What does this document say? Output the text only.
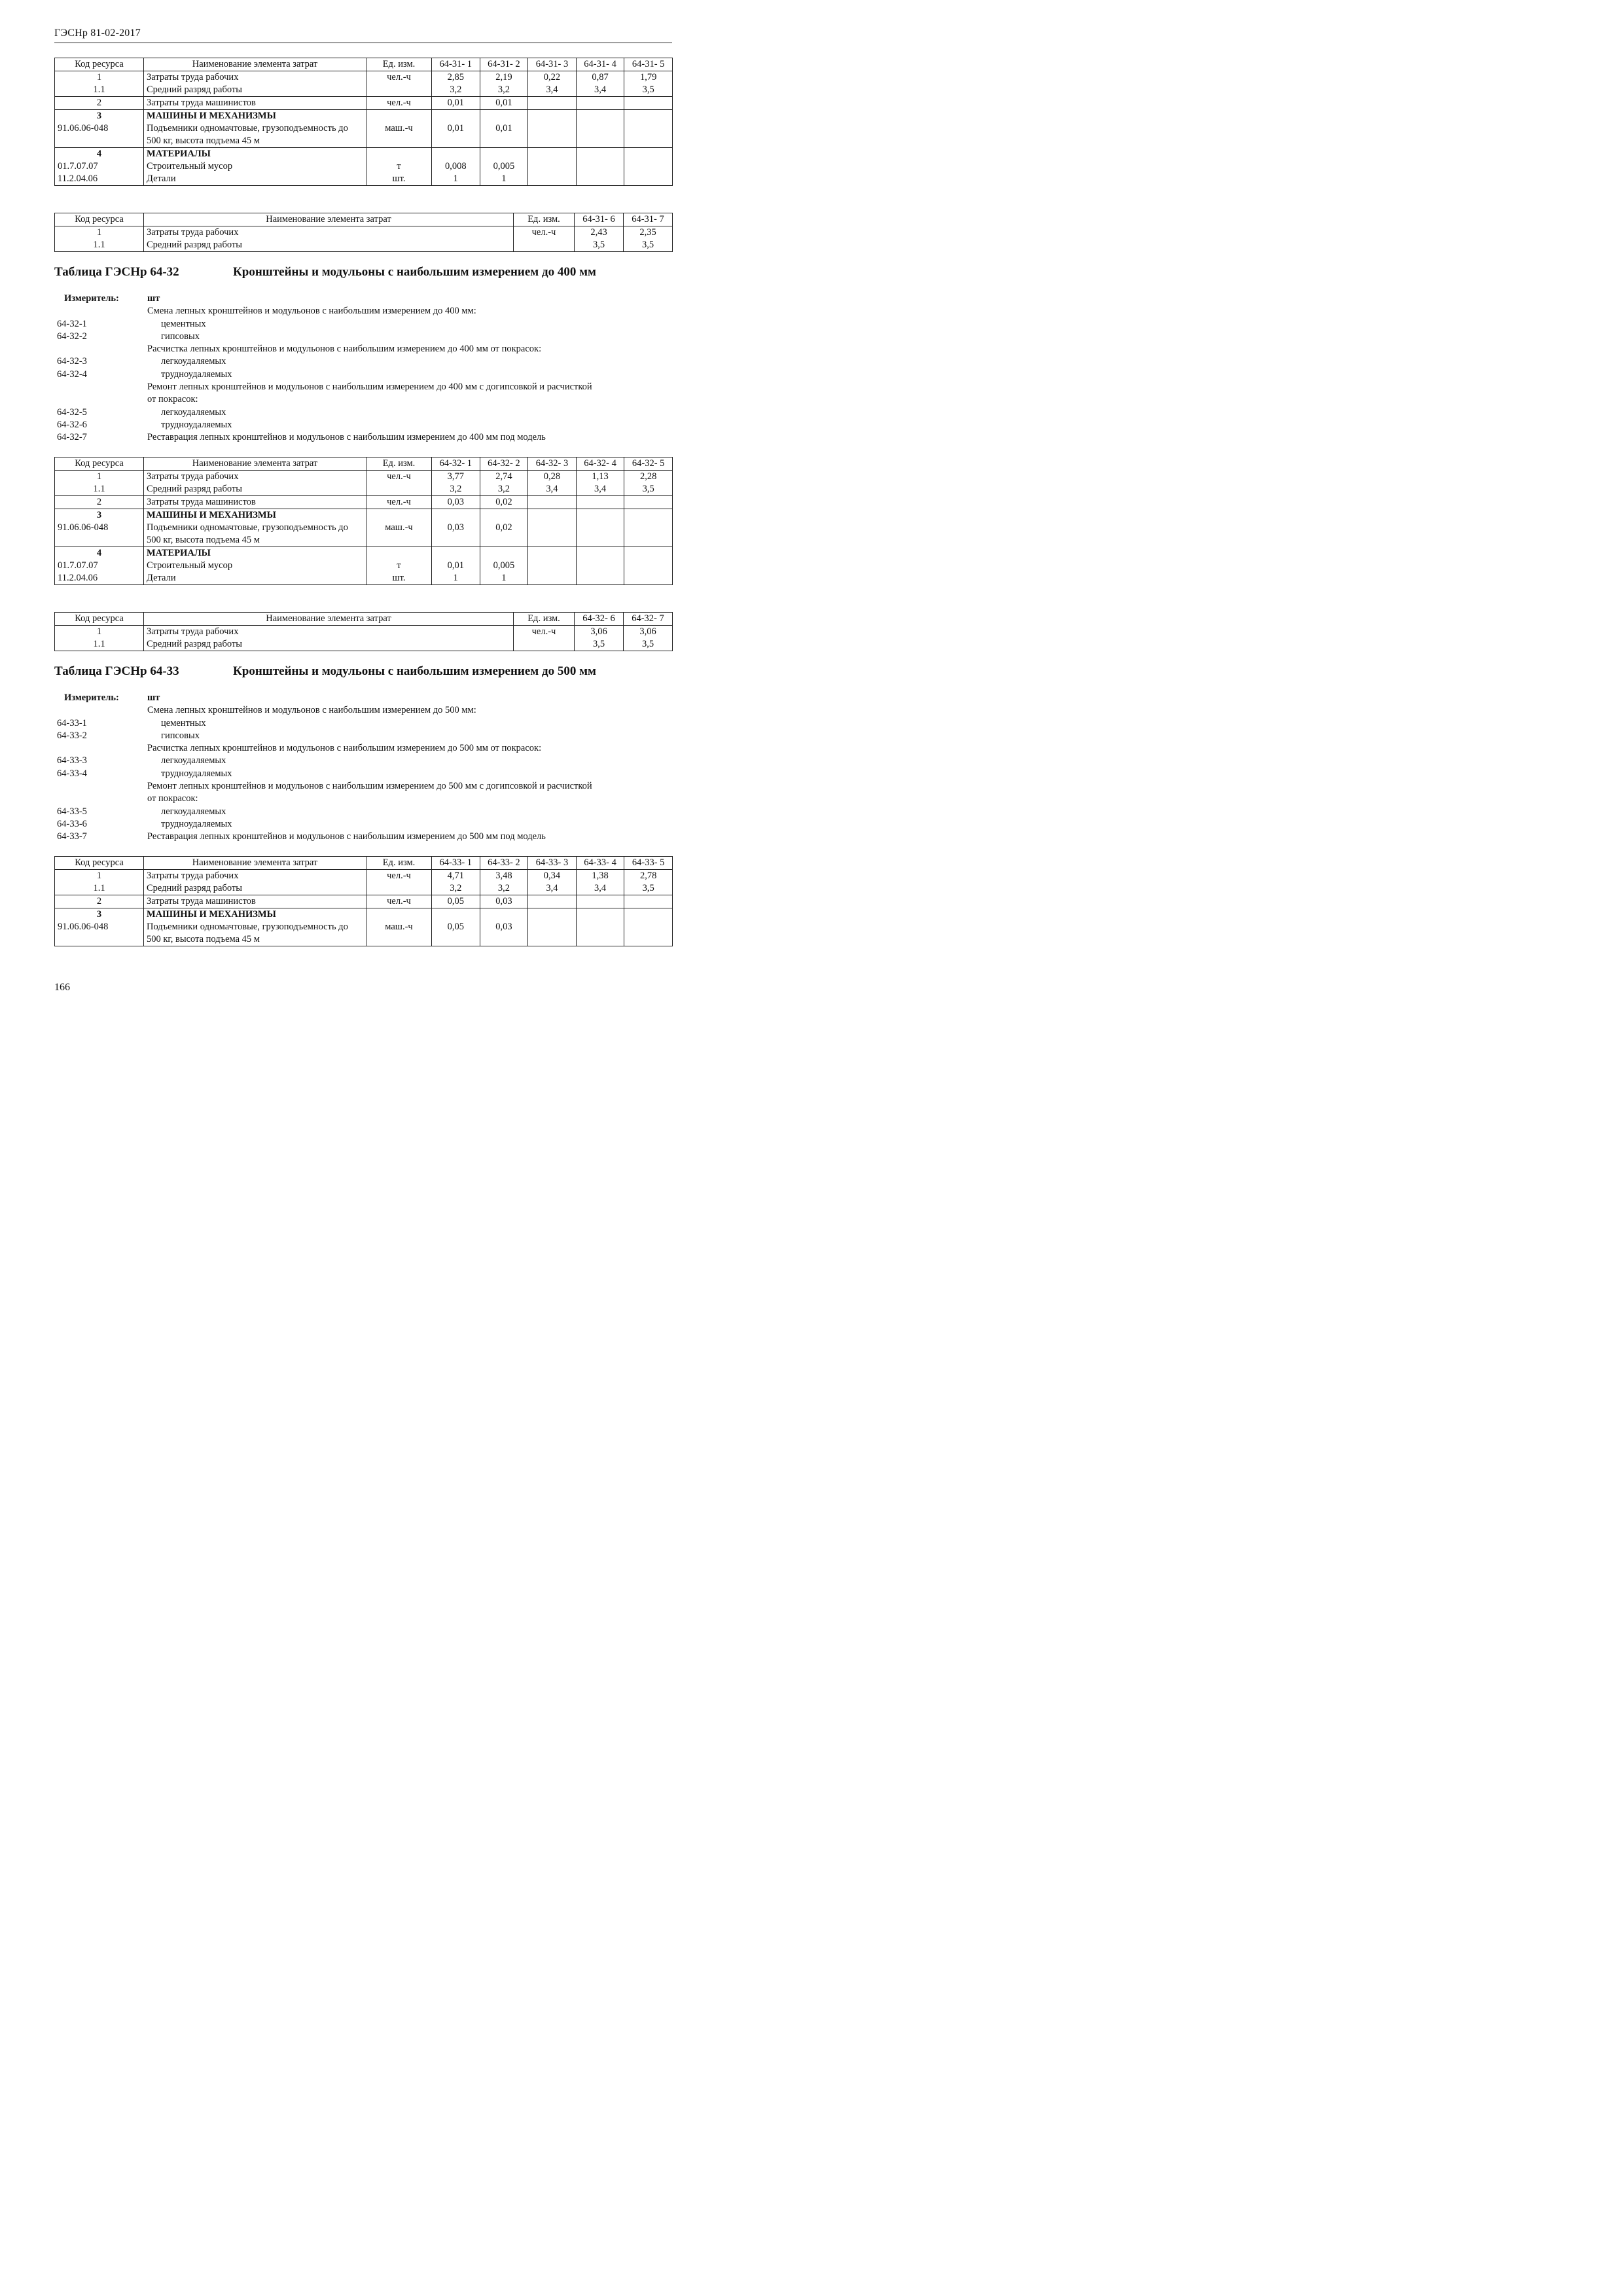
ГЭСНр 81-02-2017
Код ресурса	Наименование элемента затрат	Ед. изм.	64-31- 1	64-31- 2	64-31- 3	64-31- 4	64-31- 5
1	Затраты труда рабочих	чел.-ч	2,85	2,19	0,22	0,87	1,79
1.1	Средний разряд работы		3,2	3,2	3,4	3,4	3,5
2	Затраты труда машинистов	чел.-ч	0,01	0,01			
3	МАШИНЫ И МЕХАНИЗМЫ						
91.06.06-048	Подъемники одномачтовые, грузоподъемность до 500 кг, высота подъема 45 м	маш.-ч	0,01	0,01			
4	МАТЕРИАЛЫ						
01.7.07.07	Строительный мусор	т	0,008	0,005			
11.2.04.06	Детали	шт.	1	1			
Код ресурса	Наименование элемента затрат	Ед. изм.	64-31- 6	64-31- 7
1	Затраты труда рабочих	чел.-ч	2,43	2,35
1.1	Средний разряд работы		3,5	3,5
Таблица ГЭСНр 64-32	Кронштейны и модульоны с наибольшим измерением до 400 мм
Измеритель:	шт
Смена лепных кронштейнов и модульонов с наибольшим измерением до 400 мм:
64-32-1	цементных
64-32-2	гипсовых
Расчистка лепных кронштейнов и модульонов с наибольшим измерением до 400 мм от покрасок:
64-32-3	легкоудаляемых
64-32-4	трудноудаляемых
Ремонт лепных кронштейнов и модульонов с наибольшим измерением до 400 мм с догипсовкой и расчисткой
от покрасок:
64-32-5	легкоудаляемых
64-32-6	трудноудаляемых
64-32-7	Реставрация лепных кронштейнов и модульонов с наибольшим измерением до 400 мм под модель
Код ресурса	Наименование элемента затрат	Ед. изм.	64-32- 1	64-32- 2	64-32- 3	64-32- 4	64-32- 5
1	Затраты труда рабочих	чел.-ч	3,77	2,74	0,28	1,13	2,28
1.1	Средний разряд работы		3,2	3,2	3,4	3,4	3,5
2	Затраты труда машинистов	чел.-ч	0,03	0,02			
3	МАШИНЫ И МЕХАНИЗМЫ						
91.06.06-048	Подъемники одномачтовые, грузоподъемность до 500 кг, высота подъема 45 м	маш.-ч	0,03	0,02			
4	МАТЕРИАЛЫ						
01.7.07.07	Строительный мусор	т	0,01	0,005			
11.2.04.06	Детали	шт.	1	1			
Код ресурса	Наименование элемента затрат	Ед. изм.	64-32- 6	64-32- 7
1	Затраты труда рабочих	чел.-ч	3,06	3,06
1.1	Средний разряд работы		3,5	3,5
Таблица ГЭСНр 64-33	Кронштейны и модульоны с наибольшим измерением до 500 мм
Измеритель:	шт
Смена лепных кронштейнов и модульонов с наибольшим измерением до 500 мм:
64-33-1	цементных
64-33-2	гипсовых
Расчистка лепных кронштейнов и модульонов с наибольшим измерением до 500 мм от покрасок:
64-33-3	легкоудаляемых
64-33-4	трудноудаляемых
Ремонт лепных кронштейнов и модульонов с наибольшим измерением до 500 мм с догипсовкой и расчисткой
от покрасок:
64-33-5	легкоудаляемых
64-33-6	трудноудаляемых
64-33-7	Реставрация лепных кронштейнов и модульонов с наибольшим измерением до 500 мм под модель
Код ресурса	Наименование элемента затрат	Ед. изм.	64-33- 1	64-33- 2	64-33- 3	64-33- 4	64-33- 5
1	Затраты труда рабочих	чел.-ч	4,71	3,48	0,34	1,38	2,78
1.1	Средний разряд работы		3,2	3,2	3,4	3,4	3,5
2	Затраты труда машинистов	чел.-ч	0,05	0,03			
3	МАШИНЫ И МЕХАНИЗМЫ						
91.06.06-048	Подъемники одномачтовые, грузоподъемность до 500 кг, высота подъема 45 м	маш.-ч	0,05	0,03			
166
